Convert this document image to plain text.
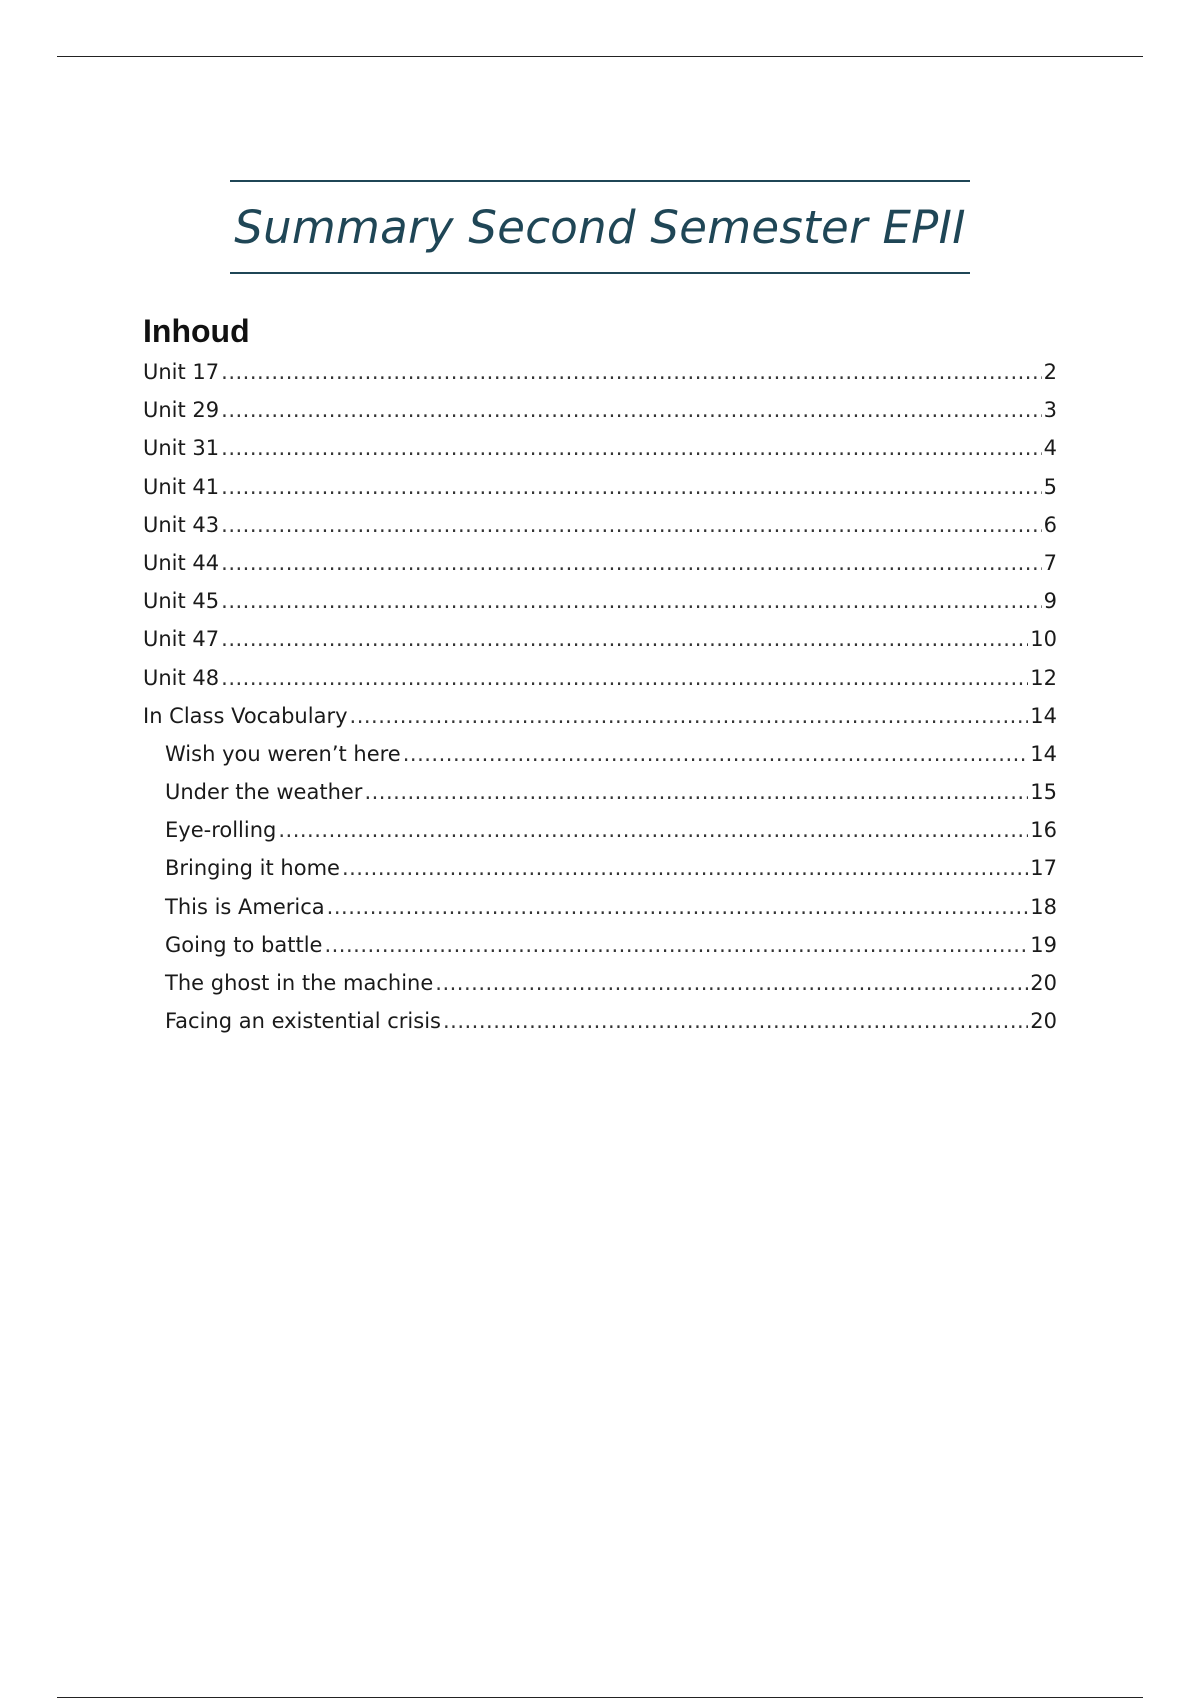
Summary Second Semester EPII
Inhoud
Unit 17 .....	2
Unit 29 .....	3
Unit 31 .....	4
Unit 41 .....	5
Unit 43 .....	6
Unit 44 .....	7
Unit 45 .....	9
Unit 47 .....	10
Unit 48 .....	12
In Class Vocabulary .....	14
Wish you weren’t here .....	14
Under the weather .....	15
Eye-rolling .....	16
Bringing it home .....	17
This is America .....	18
Going to battle .....	19
The ghost in the machine .....	20
Facing an existential crisis .....	20
